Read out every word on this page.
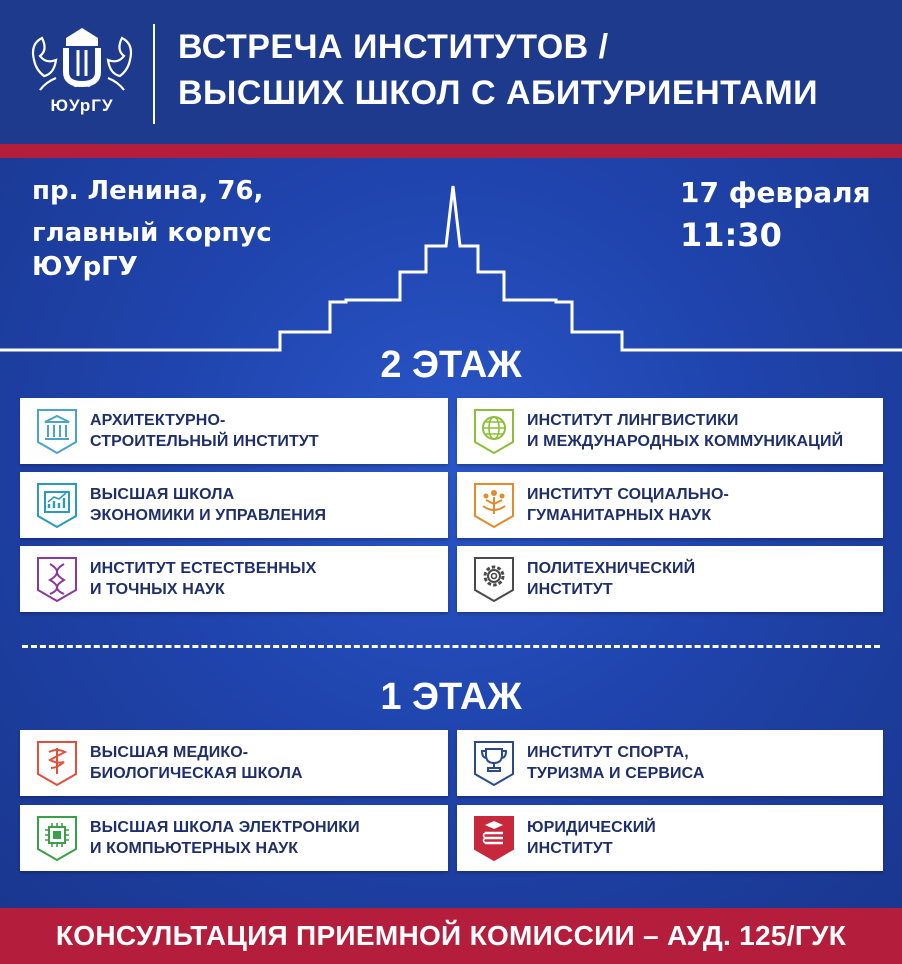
1943
ЮУрГУ
ВСТРЕЧА ИНСТИТУТОВ /
ВЫСШИХ ШКОЛ С АБИТУРИЕНТАМИ
пр. Ленина, 76,
главный корпус
ЮУрГУ
17 февраля
11:30
2 ЭТАЖ
АРХИТЕКТУРНО-
СТРОИТЕЛЬНЫЙ ИНСТИТУТ
ИНСТИТУТ ЛИНГВИСТИКИ
И МЕЖДУНАРОДНЫХ КОММУНИКАЦИЙ
ВЫСШАЯ ШКОЛА
ЭКОНОМИКИ И УПРАВЛЕНИЯ
ИНСТИТУТ СОЦИАЛЬНО-
ГУМАНИТАРНЫХ НАУК
ИНСТИТУТ ЕСТЕСТВЕННЫХ
И ТОЧНЫХ НАУК
ПОЛИТЕХНИЧЕСКИЙ
ИНСТИТУТ
1 ЭТАЖ
ВЫСШАЯ МЕДИКО-
БИОЛОГИЧЕСКАЯ ШКОЛА
ИНСТИТУТ СПОРТА,
ТУРИЗМА И СЕРВИСА
ВЫСШАЯ ШКОЛА ЭЛЕКТРОНИКИ
И КОМПЬЮТЕРНЫХ НАУК
ЮРИДИЧЕСКИЙ
ИНСТИТУТ
КОНСУЛЬТАЦИЯ ПРИЕМНОЙ КОМИССИИ – АУД. 125/ГУК
